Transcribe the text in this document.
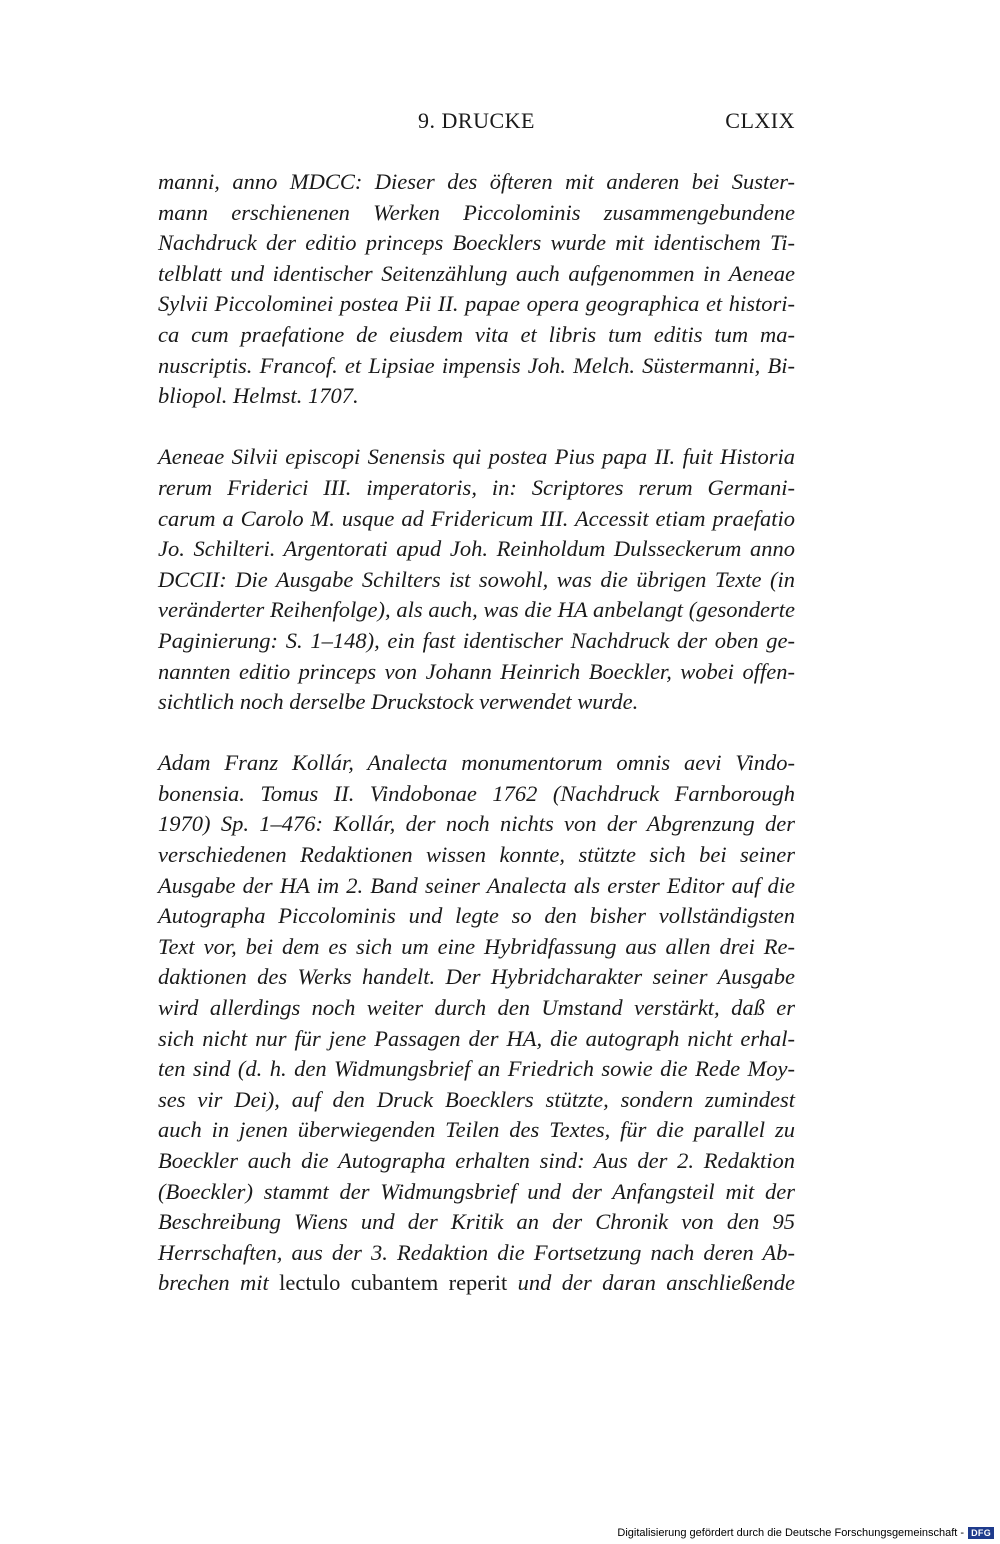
9. DRUCKE	CLXIX

manni, anno MDCC: Dieser des öfteren mit anderen bei Suster-
mann erschienenen Werken Piccolominis zusammengebundene
Nachdruck der editio princeps Boecklers wurde mit identischem Ti-
telblatt und identischer Seitenzählung auch aufgenommen in Aeneae
Sylvii Piccolominei postea Pii II. papae opera geographica et histori-
ca cum praefatione de eiusdem vita et libris tum editis tum ma-
nuscriptis. Francof. et Lipsiae impensis Joh. Melch. Süstermanni, Bi-
bliopol. Helmst. 1707.

Aeneae Silvii episcopi Senensis qui postea Pius papa II. fuit Historia
rerum Friderici III. imperatoris, in: Scriptores rerum Germani-
carum a Carolo M. usque ad Fridericum III. Accessit etiam praefatio
Jo. Schilteri. Argentorati apud Joh. Reinholdum Dulsseckerum anno
DCCII: Die Ausgabe Schilters ist sowohl, was die übrigen Texte (in
veränderter Reihenfolge), als auch, was die HA anbelangt (gesonderte
Paginierung: S. 1–148), ein fast identischer Nachdruck der oben ge-
nannten editio princeps von Johann Heinrich Boeckler, wobei offen-
sichtlich noch derselbe Druckstock verwendet wurde.

Adam Franz Kollár, Analecta monumentorum omnis aevi Vindo-
bonensia. Tomus II. Vindobonae 1762 (Nachdruck Farnborough
1970) Sp. 1–476: Kollár, der noch nichts von der Abgrenzung der
verschiedenen Redaktionen wissen konnte, stützte sich bei seiner
Ausgabe der HA im 2. Band seiner Analecta als erster Editor auf die
Autographa Piccolominis und legte so den bisher vollständigsten
Text vor, bei dem es sich um eine Hybridfassung aus allen drei Re-
daktionen des Werks handelt. Der Hybridcharakter seiner Ausgabe
wird allerdings noch weiter durch den Umstand verstärkt, daß er
sich nicht nur für jene Passagen der HA, die autograph nicht erhal-
ten sind (d. h. den Widmungsbrief an Friedrich sowie die Rede Moy-
ses vir Dei), auf den Druck Boecklers stützte, sondern zumindest
auch in jenen überwiegenden Teilen des Textes, für die parallel zu
Boeckler auch die Autographa erhalten sind: Aus der 2. Redaktion
(Boeckler) stammt der Widmungsbrief und der Anfangsteil mit der
Beschreibung Wiens und der Kritik an der Chronik von den 95
Herrschaften, aus der 3. Redaktion die Fortsetzung nach deren Ab-
brechen mit lectulo cubantem reperit und der daran anschließende

Digitalisierung gefördert durch die Deutsche Forschungsgemeinschaft - DFG
